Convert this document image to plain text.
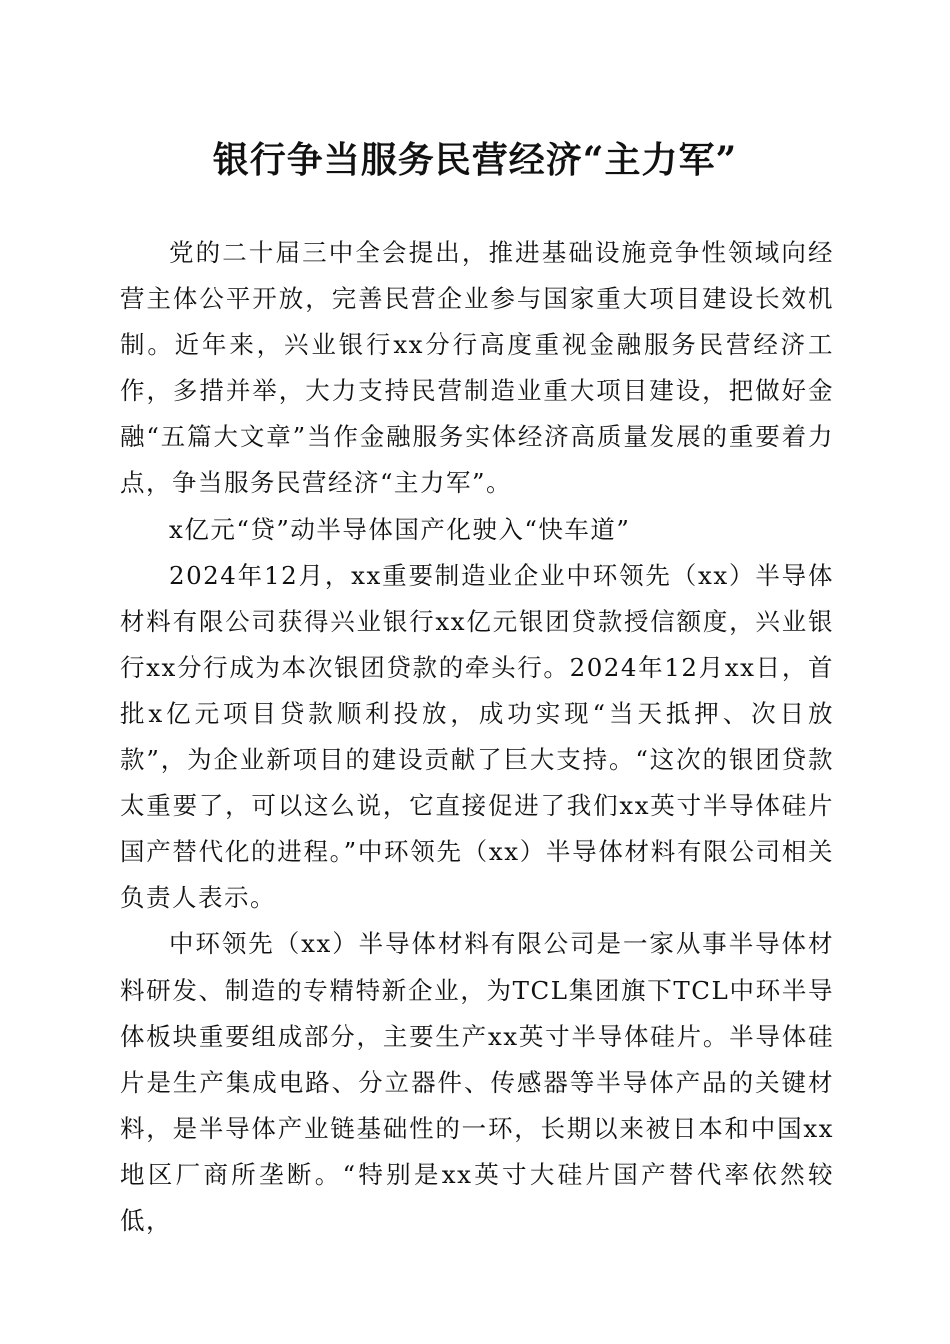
银行争当服务民营经济“主力军”

党的二十届三中全会提出，推进基础设施竞争性领域向经营主体公平开放，完善民营企业参与国家重大项目建设长效机制。近年来，兴业银行xx分行高度重视金融服务民营经济工作，多措并举，大力支持民营制造业重大项目建设，把做好金融“五篇大文章”当作金融服务实体经济高质量发展的重要着力点，争当服务民营经济“主力军”。

x亿元“贷”动半导体国产化驶入“快车道”

2024年12月，xx重要制造业企业中环领先（xx）半导体材料有限公司获得兴业银行xx亿元银团贷款授信额度，兴业银行xx分行成为本次银团贷款的牵头行。2024年12月xx日，首批x亿元项目贷款顺利投放，成功实现“当天抵押、次日放款”，为企业新项目的建设贡献了巨大支持。“这次的银团贷款太重要了，可以这么说，它直接促进了我们xx英寸半导体硅片国产替代化的进程。”中环领先（xx）半导体材料有限公司相关负责人表示。

中环领先（xx）半导体材料有限公司是一家从事半导体材料研发、制造的专精特新企业，为TCL集团旗下TCL中环半导体板块重要组成部分，主要生产xx英寸半导体硅片。半导体硅片是生产集成电路、分立器件、传感器等半导体产品的关键材料，是半导体产业链基础性的一环，长期以来被日本和中国xx地区厂商所垄断。“特别是xx英寸大硅片国产替代率依然较低，
